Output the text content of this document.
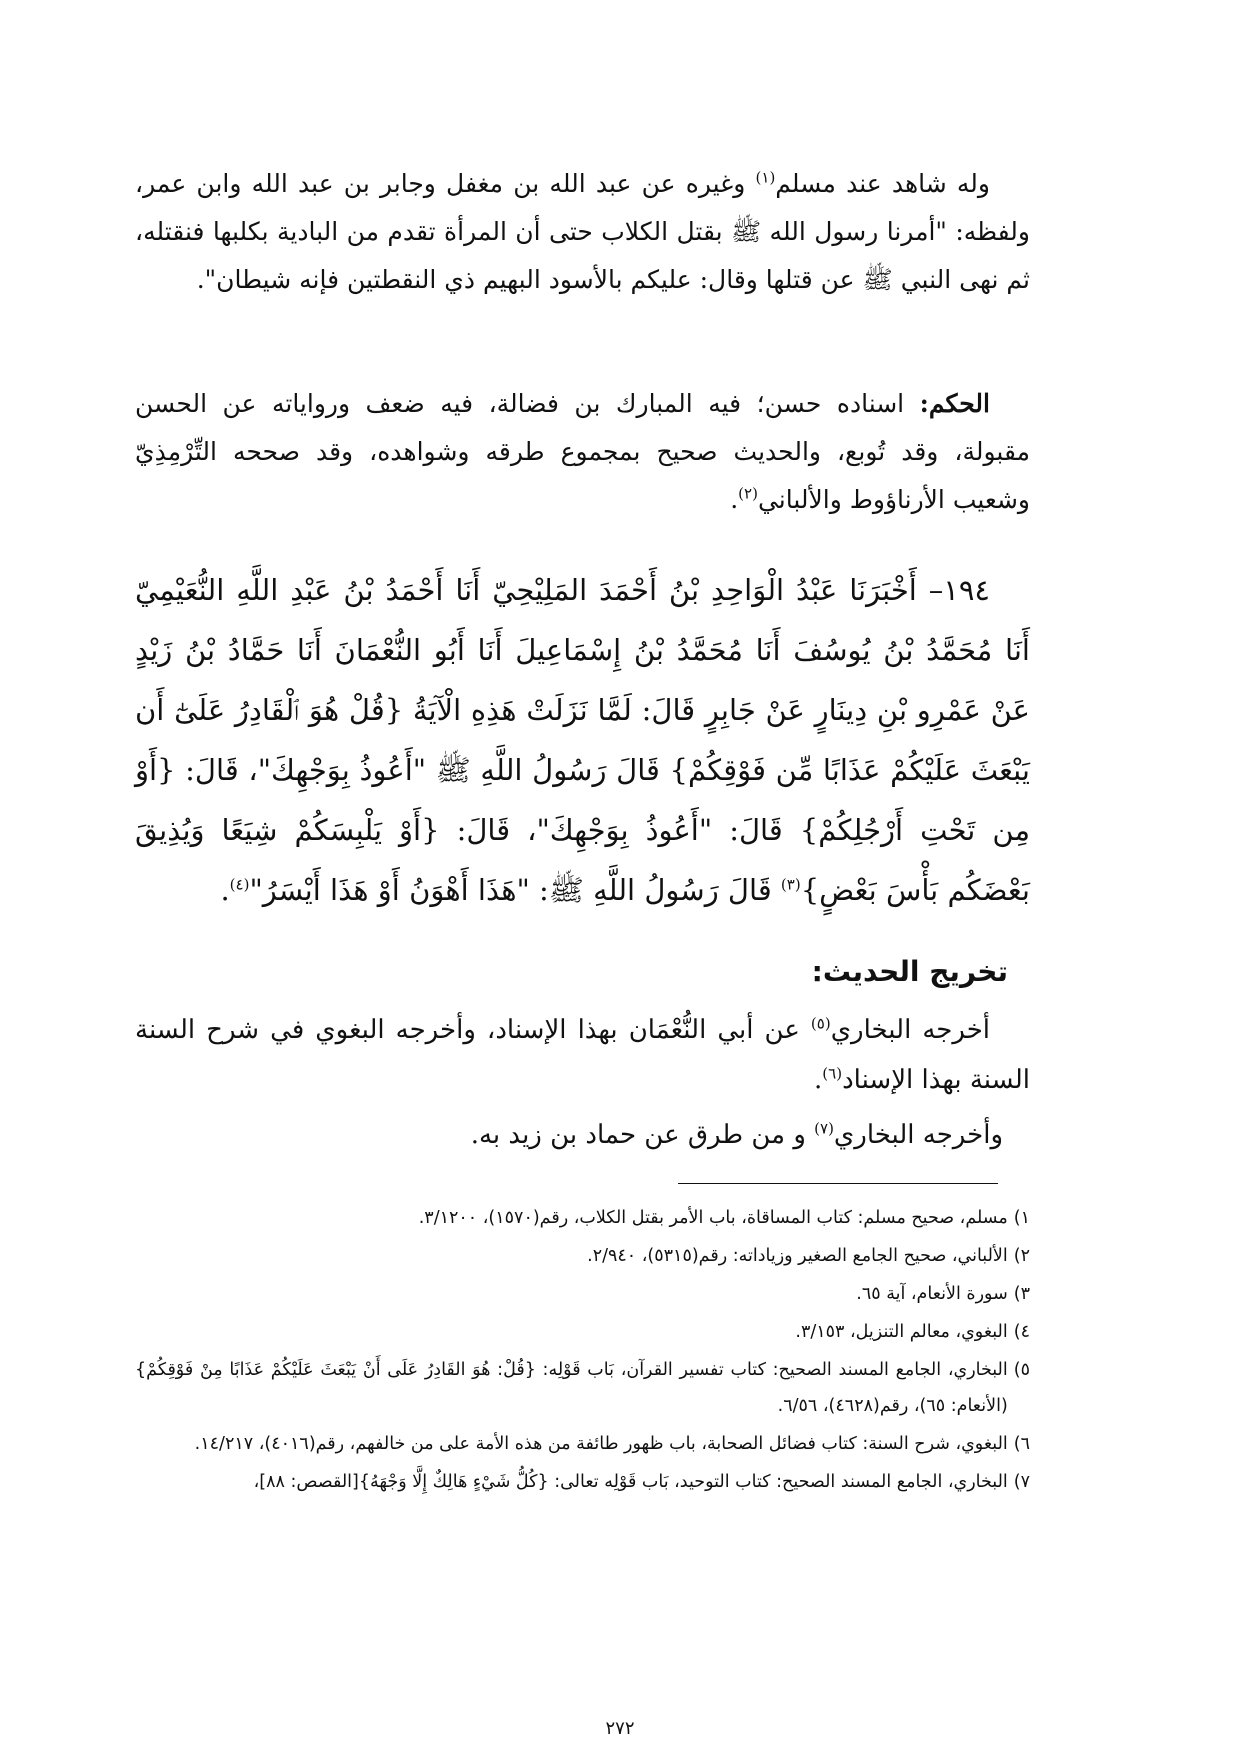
وله شاهد عند مسلم$^{(١)}$ وغيره عن عبد الله بن مغفل وجابر بن عبد الله وابن عمر، ولفظه: "أمرنا رسول الله ﷺ بقتل الكلاب حتى أن المرأة تقدم من البادية بكلبها فنقتله، ثم نهى النبي ﷺ عن قتلها وقال: عليكم بالأسود البهيم ذي النقطتين فإنه شيطان".

الحكم: اسناده حسن؛ فيه المبارك بن فضالة، فيه ضعف ورواياته عن الحسن مقبولة، وقد تُوبع، والحديث صحيح بمجموع طرقه وشواهده، وقد صححه التِّرْمِذِيّ وشعيب الأرناؤوط والألباني$^{(٢)}$.

١٩٤– أَخْبَرَنَا عَبْدُ الْوَاحِدِ بْنُ أَحْمَدَ المَلِيْحِيّ أَنَا أَحْمَدُ بْنُ عَبْدِ اللَّهِ النُّعَيْمِيّ أَنَا مُحَمَّدُ بْنُ يُوسُفَ أَنَا مُحَمَّدُ بْنُ إِسْمَاعِيلَ أَنَا أَبُو النُّعْمَانَ أَنَا حَمَّادُ بْنُ زَيْدٍ عَنْ عَمْرِو بْنِ دِينَارٍ عَنْ جَابِرٍ قَالَ: لَمَّا نَزَلَتْ هَذِهِ الْآيَةُ {قُلْ هُوَ ٱلْقَادِرُ عَلَىٰٓ أَن يَبْعَثَ عَلَيْكُمْ عَذَابًا مِّن فَوْقِكُمْ} قَالَ رَسُولُ اللَّهِ ﷺ "أَعُوذُ بِوَجْهِكَ"، قَالَ: {أَوْ مِن تَحْتِ أَرْجُلِكُمْ} قَالَ: "أَعُوذُ بِوَجْهِكَ"، قَالَ: {أَوْ يَلْبِسَكُمْ شِيَعًا وَيُذِيقَ بَعْضَكُم بَأْسَ بَعْضٍ}$^{(٣)}$ قَالَ رَسُولُ اللَّهِ ﷺ: "هَذَا أَهْوَنُ أَوْ هَذَا أَيْسَرُ"$^{(٤)}$.

تخريج الحديث:

أخرجه البخاري$^{(٥)}$ عن أبي النُّعْمَان بهذا الإسناد، وأخرجه البغوي في شرح السنة السنة بهذا الإسناد$^{(٦)}$.

وأخرجه البخاري$^{(٧)}$ و من طرق عن حماد بن زيد به.
١)
مسلم، صحيح مسلم: كتاب المساقاة، باب الأمر بقتل الكلاب، رقم(١٥٧٠)، ٣/١٢٠٠.
٢)
الألباني، صحيح الجامع الصغير وزياداته: رقم(٥٣١٥)، ٢/٩٤٠.
٣)
سورة الأنعام، آية ٦٥.
٤)
البغوي، معالم التنزيل، ٣/١٥٣.
٥)
البخاري، الجامع المسند الصحيح: كتاب تفسير القرآن، بَاب قَوْلِه: {قُلْ: هُوَ القَادِرُ عَلَى أَنْ يَبْعَثَ عَلَيْكُمْ عَذَابًا مِنْ فَوْقِكُمْ} (الأنعام: ٦٥)، رقم(٤٦٢٨)، ٦/٥٦.
٦)
البغوي، شرح السنة: كتاب فضائل الصحابة، باب ظهور طائفة من هذه الأمة على من خالفهم، رقم(٤٠١٦)، ١٤/٢١٧.
٧)
البخاري، الجامع المسند الصحيح: كتاب التوحيد، بَاب قَوْلِه تعالى: {كُلُّ شَيْءٍ هَالِكٌ إِلَّا وَجْهَهُ}[القصص: ٨٨]،
٢٧٢
